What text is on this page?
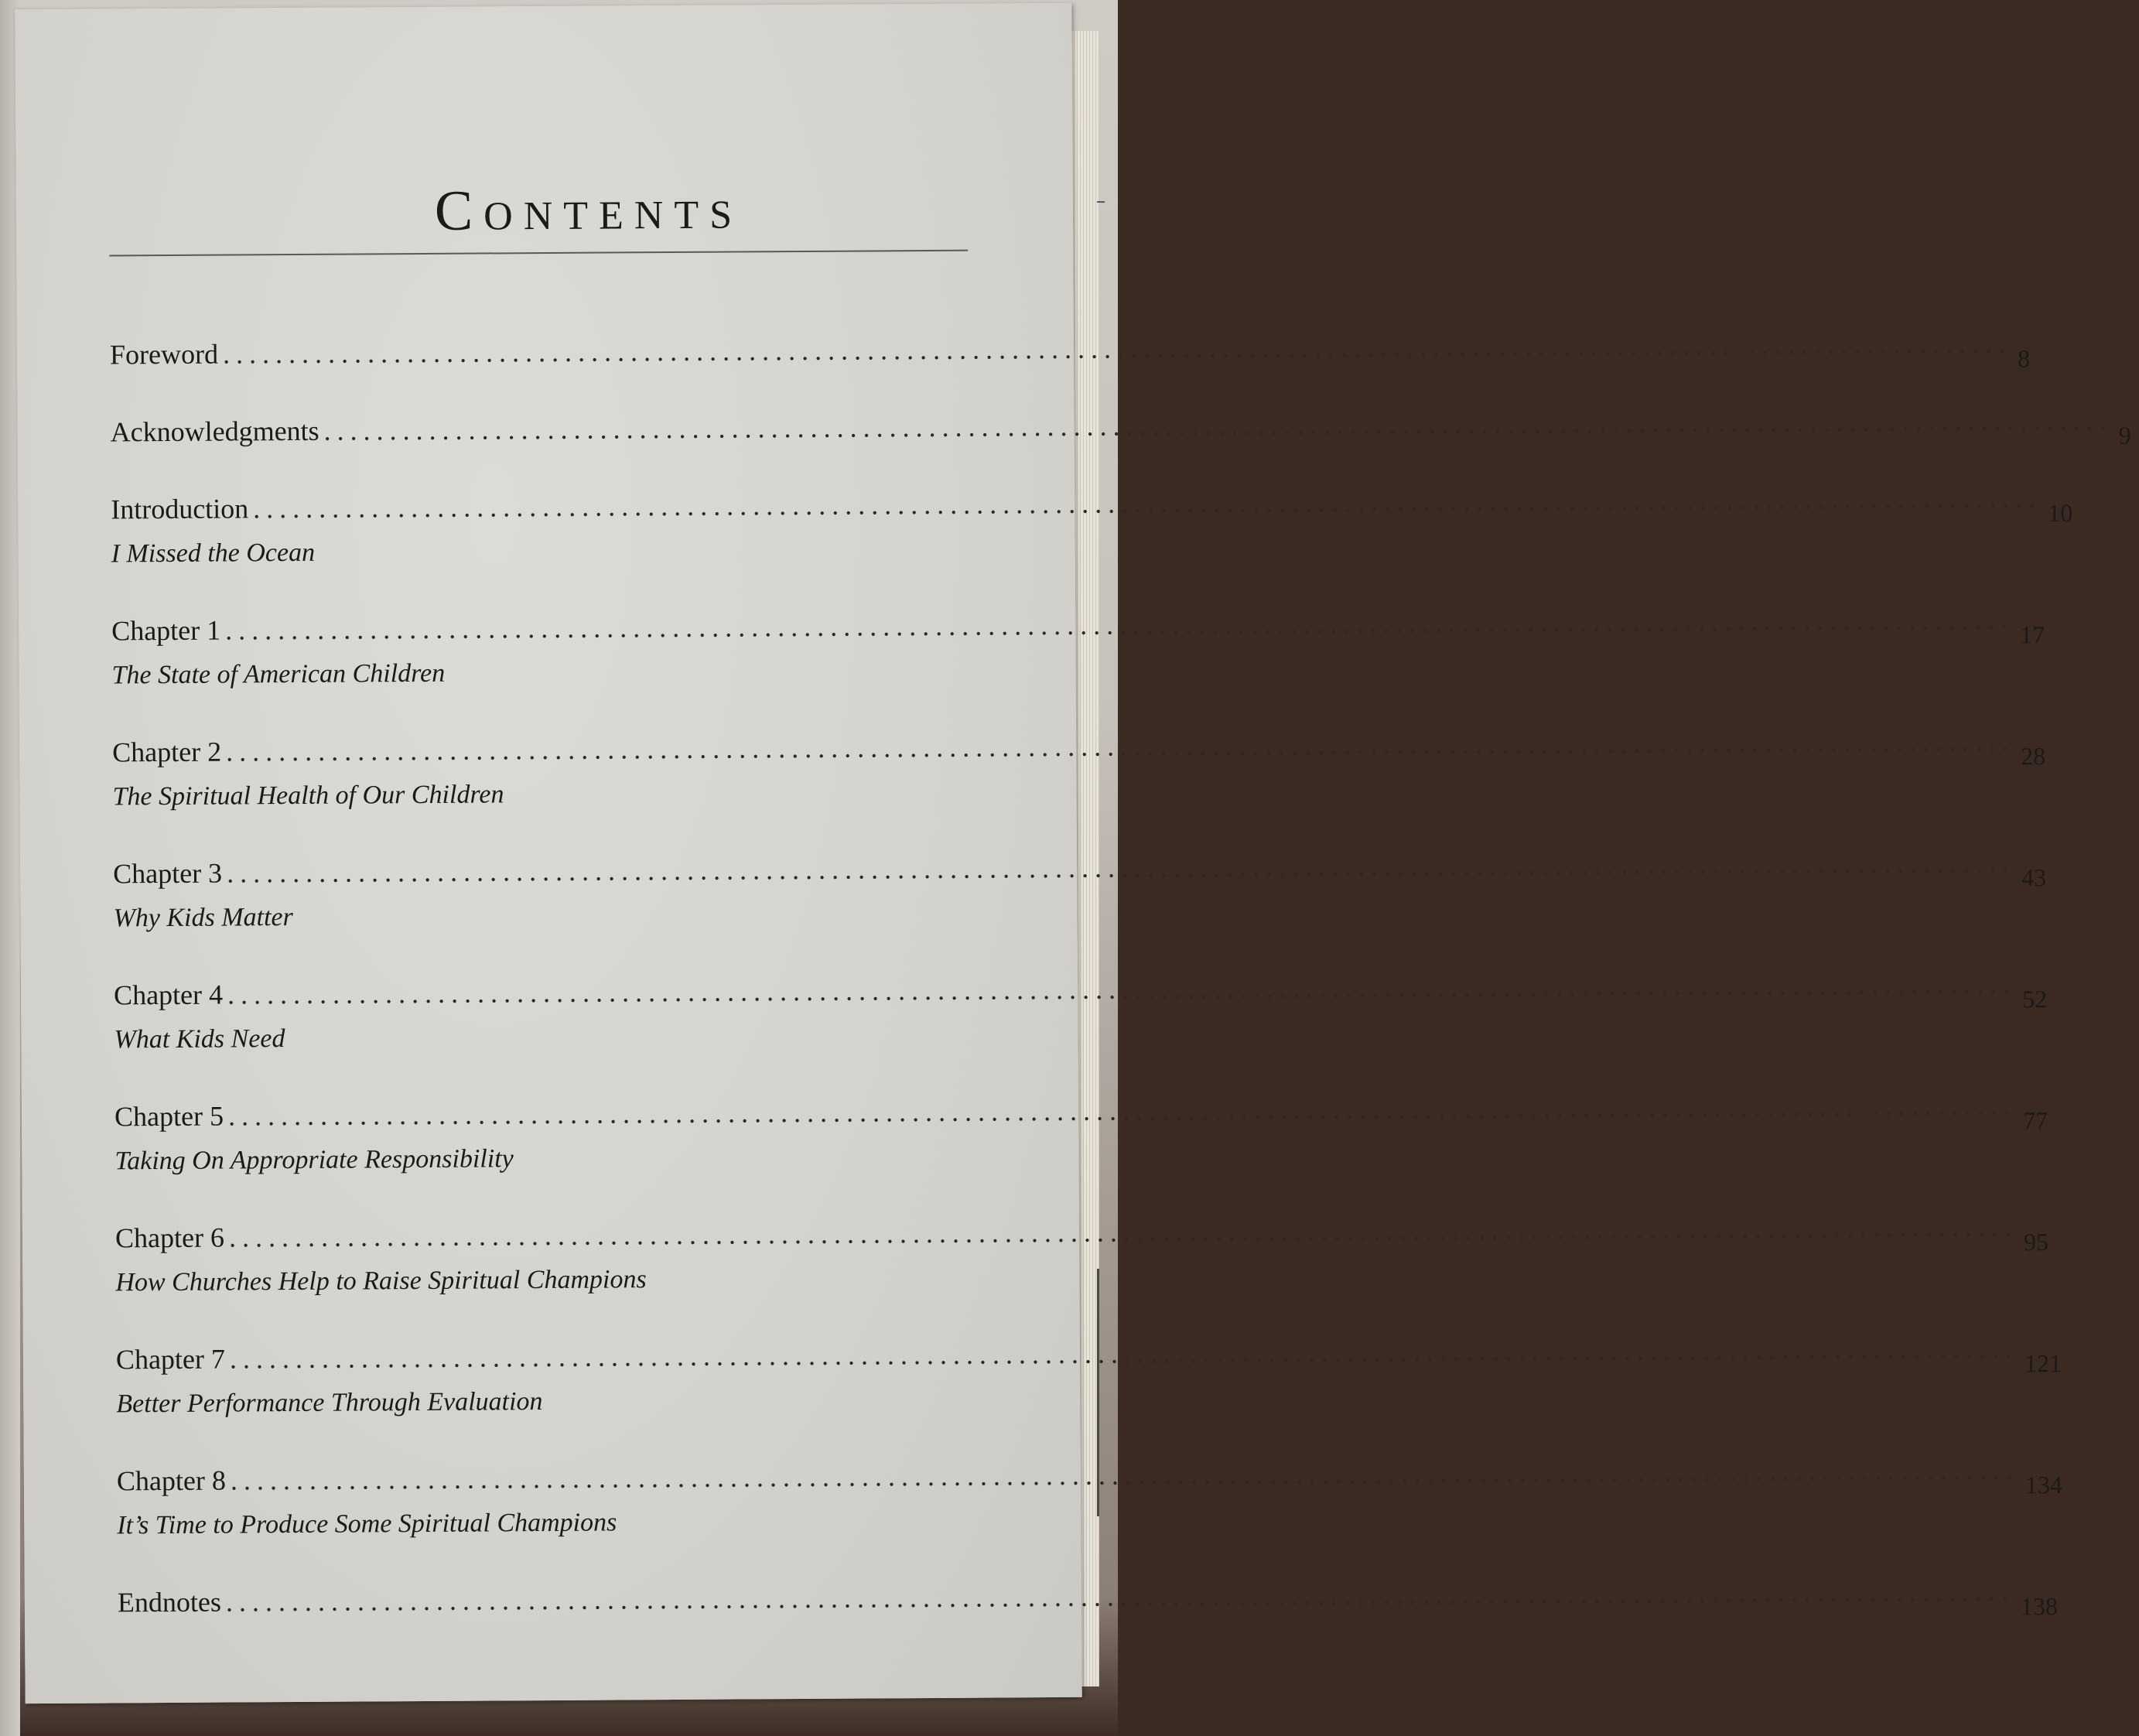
Contents
Foreword ........................................................................................................................................ 8
Acknowledgments ........................................................................................................................................ 9
Introduction ........................................................................................................................................ 10
I Missed the Ocean
Chapter 1 ........................................................................................................................................ 17
The State of American Children
Chapter 2 ........................................................................................................................................ 28
The Spiritual Health of Our Children
Chapter 3 ........................................................................................................................................ 43
Why Kids Matter
Chapter 4 ........................................................................................................................................ 52
What Kids Need
Chapter 5 ........................................................................................................................................ 77
Taking On Appropriate Responsibility
Chapter 6 ........................................................................................................................................ 95
How Churches Help to Raise Spiritual Champions
Chapter 7 ........................................................................................................................................ 121
Better Performance Through Evaluation
Chapter 8 ........................................................................................................................................ 134
It’s Time to Produce Some Spiritual Champions
Endnotes ........................................................................................................................................ 138
